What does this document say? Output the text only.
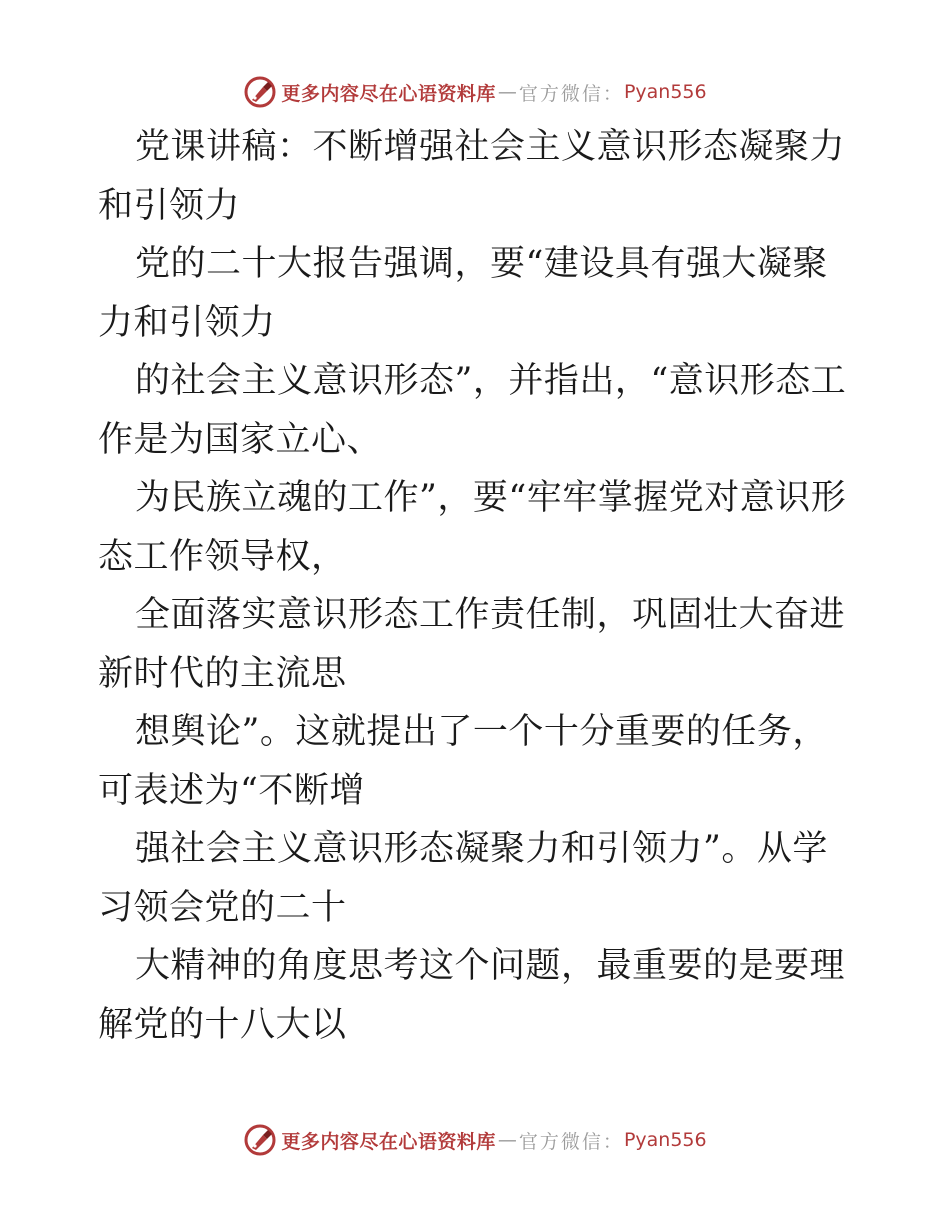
更多内容尽在心语资料库 — 官方微信： Pyan556

党课讲稿：不断增强社会主义意识形态凝聚力和引领力

党的二十大报告强调，要“建设具有强大凝聚力和引领力

的社会主义意识形态”，并指出，“意识形态工作是为国家立心、

为民族立魂的工作”，要“牢牢掌握党对意识形态工作领导权，

全面落实意识形态工作责任制，巩固壮大奋进新时代的主流思

想舆论”。这就提出了一个十分重要的任务，可表述为“不断增

强社会主义意识形态凝聚力和引领力”。从学习领会党的二十

大精神的角度思考这个问题，最重要的是要理解党的十八大以

更多内容尽在心语资料库 — 官方微信： Pyan556
